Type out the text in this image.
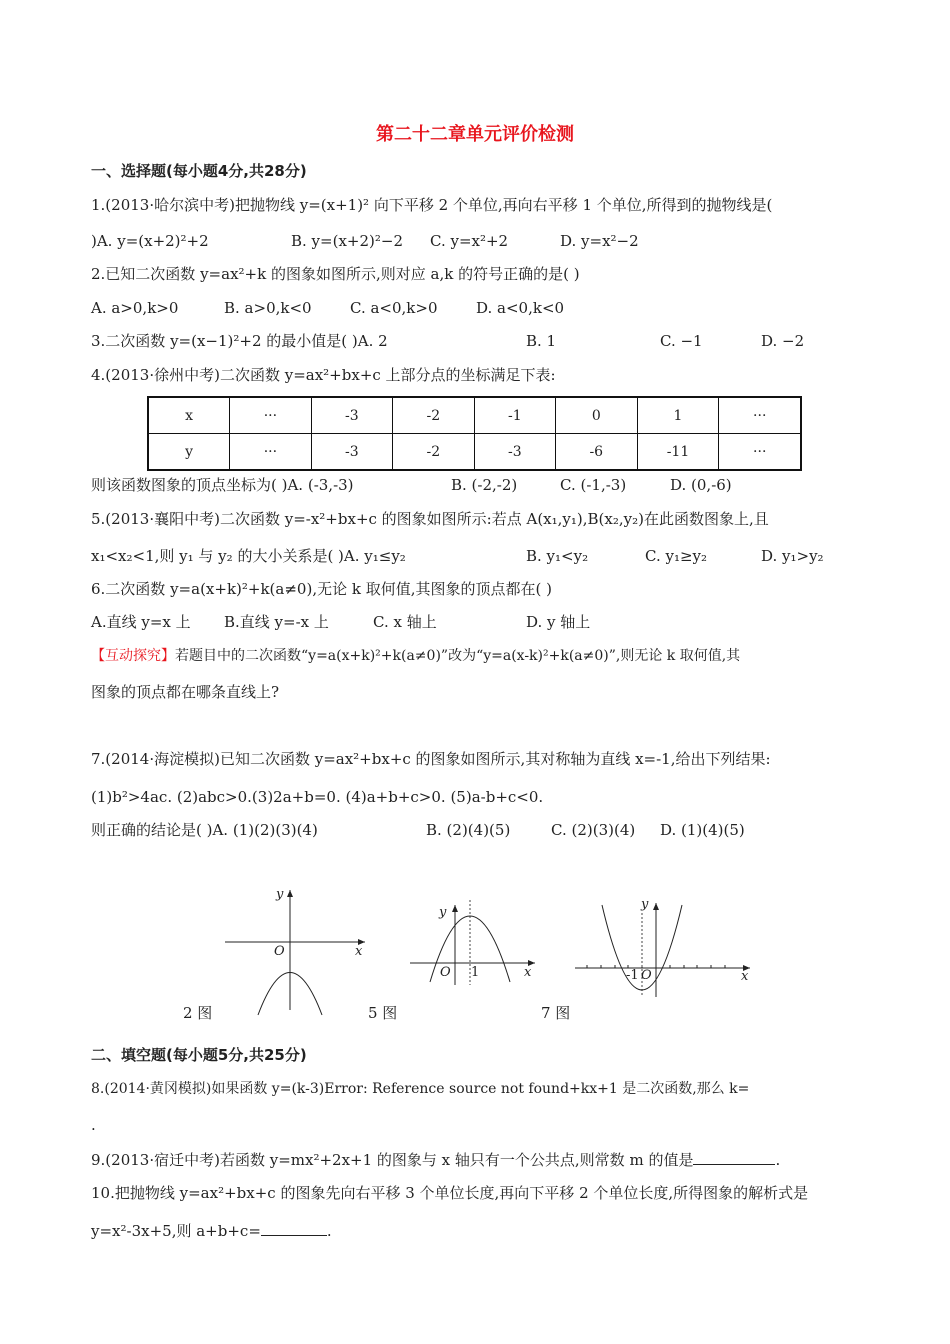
第二十二章单元评价检测
一、选择题(每小题4分,共28分)
1.(2013·哈尔滨中考)把抛物线 y=(x+1)² 向下平移 2 个单位,再向右平移 1 个单位,所得到的抛物线是(
)A. y=(x+2)²+2	B. y=(x+2)²−2 C. y=x²+2	D. y=x²−2
2.已知二次函数 y=ax²+k 的图象如图所示,则对应 a,k 的符号正确的是( )
A. a>0,k>0	B. a>0,k<0	C. a<0,k>0	D. a<0,k<0
3.二次函数 y=(x−1)²+2 的最小值是( )A. 2	B. 1	C. −1	D. −2
4.(2013·徐州中考)二次函数 y=ax²+bx+c 上部分点的坐标满足下表:
x	···	-3	-2	-1	0	1	···
y	···	-3	-2	-3	-6	-11	···
则该函数图象的顶点坐标为( )A. (-3,-3)	B. (-2,-2)	C. (-1,-3)	D. (0,-6)
5.(2013·襄阳中考)二次函数 y=-x²+bx+c 的图象如图所示:若点 A(x₁,y₁),B(x₂,y₂)在此函数图象上,且
x₁<x₂<1,则 y₁ 与 y₂ 的大小关系是( )A. y₁≤y₂	B. y₁<y₂	C. y₁≥y₂	D. y₁>y₂
6.二次函数 y=a(x+k)²+k(a≠0),无论 k 取何值,其图象的顶点都在( )
A.直线 y=x 上 B.直线 y=-x 上	C. x 轴上	D. y 轴上
【互动探究】若题目中的二次函数“y=a(x+k)²+k(a≠0)”改为“y=a(x-k)²+k(a≠0)”,则无论 k 取何值,其
图象的顶点都在哪条直线上?
7.(2014·海淀模拟)已知二次函数 y=ax²+bx+c 的图象如图所示,其对称轴为直线 x=-1,给出下列结果:
(1)b²>4ac. (2)abc>0.(3)2a+b=0. (4)a+b+c>0. (5)a-b+c<0.
则正确的结论是( )A. (1)(2)(3)(4)	B. (2)(4)(5)	C. (2)(3)(4) D. (1)(4)(5)
y
O	x
y
O 1	x
y
-1 O	x
2 图	5 图	7 图
二、填空题(每小题5分,共25分)
8.(2014·黄冈模拟)如果函数 y=(k-3)Error: Reference source not found+kx+1 是二次函数,那么 k=
.
9.(2013·宿迁中考)若函数 y=mx²+2x+1 的图象与 x 轴只有一个公共点,则常数 m 的值是	.
10.把抛物线 y=ax²+bx+c 的图象先向右平移 3 个单位长度,再向下平移 2 个单位长度,所得图象的解析式是
y=x²-3x+5,则 a+b+c=	.
